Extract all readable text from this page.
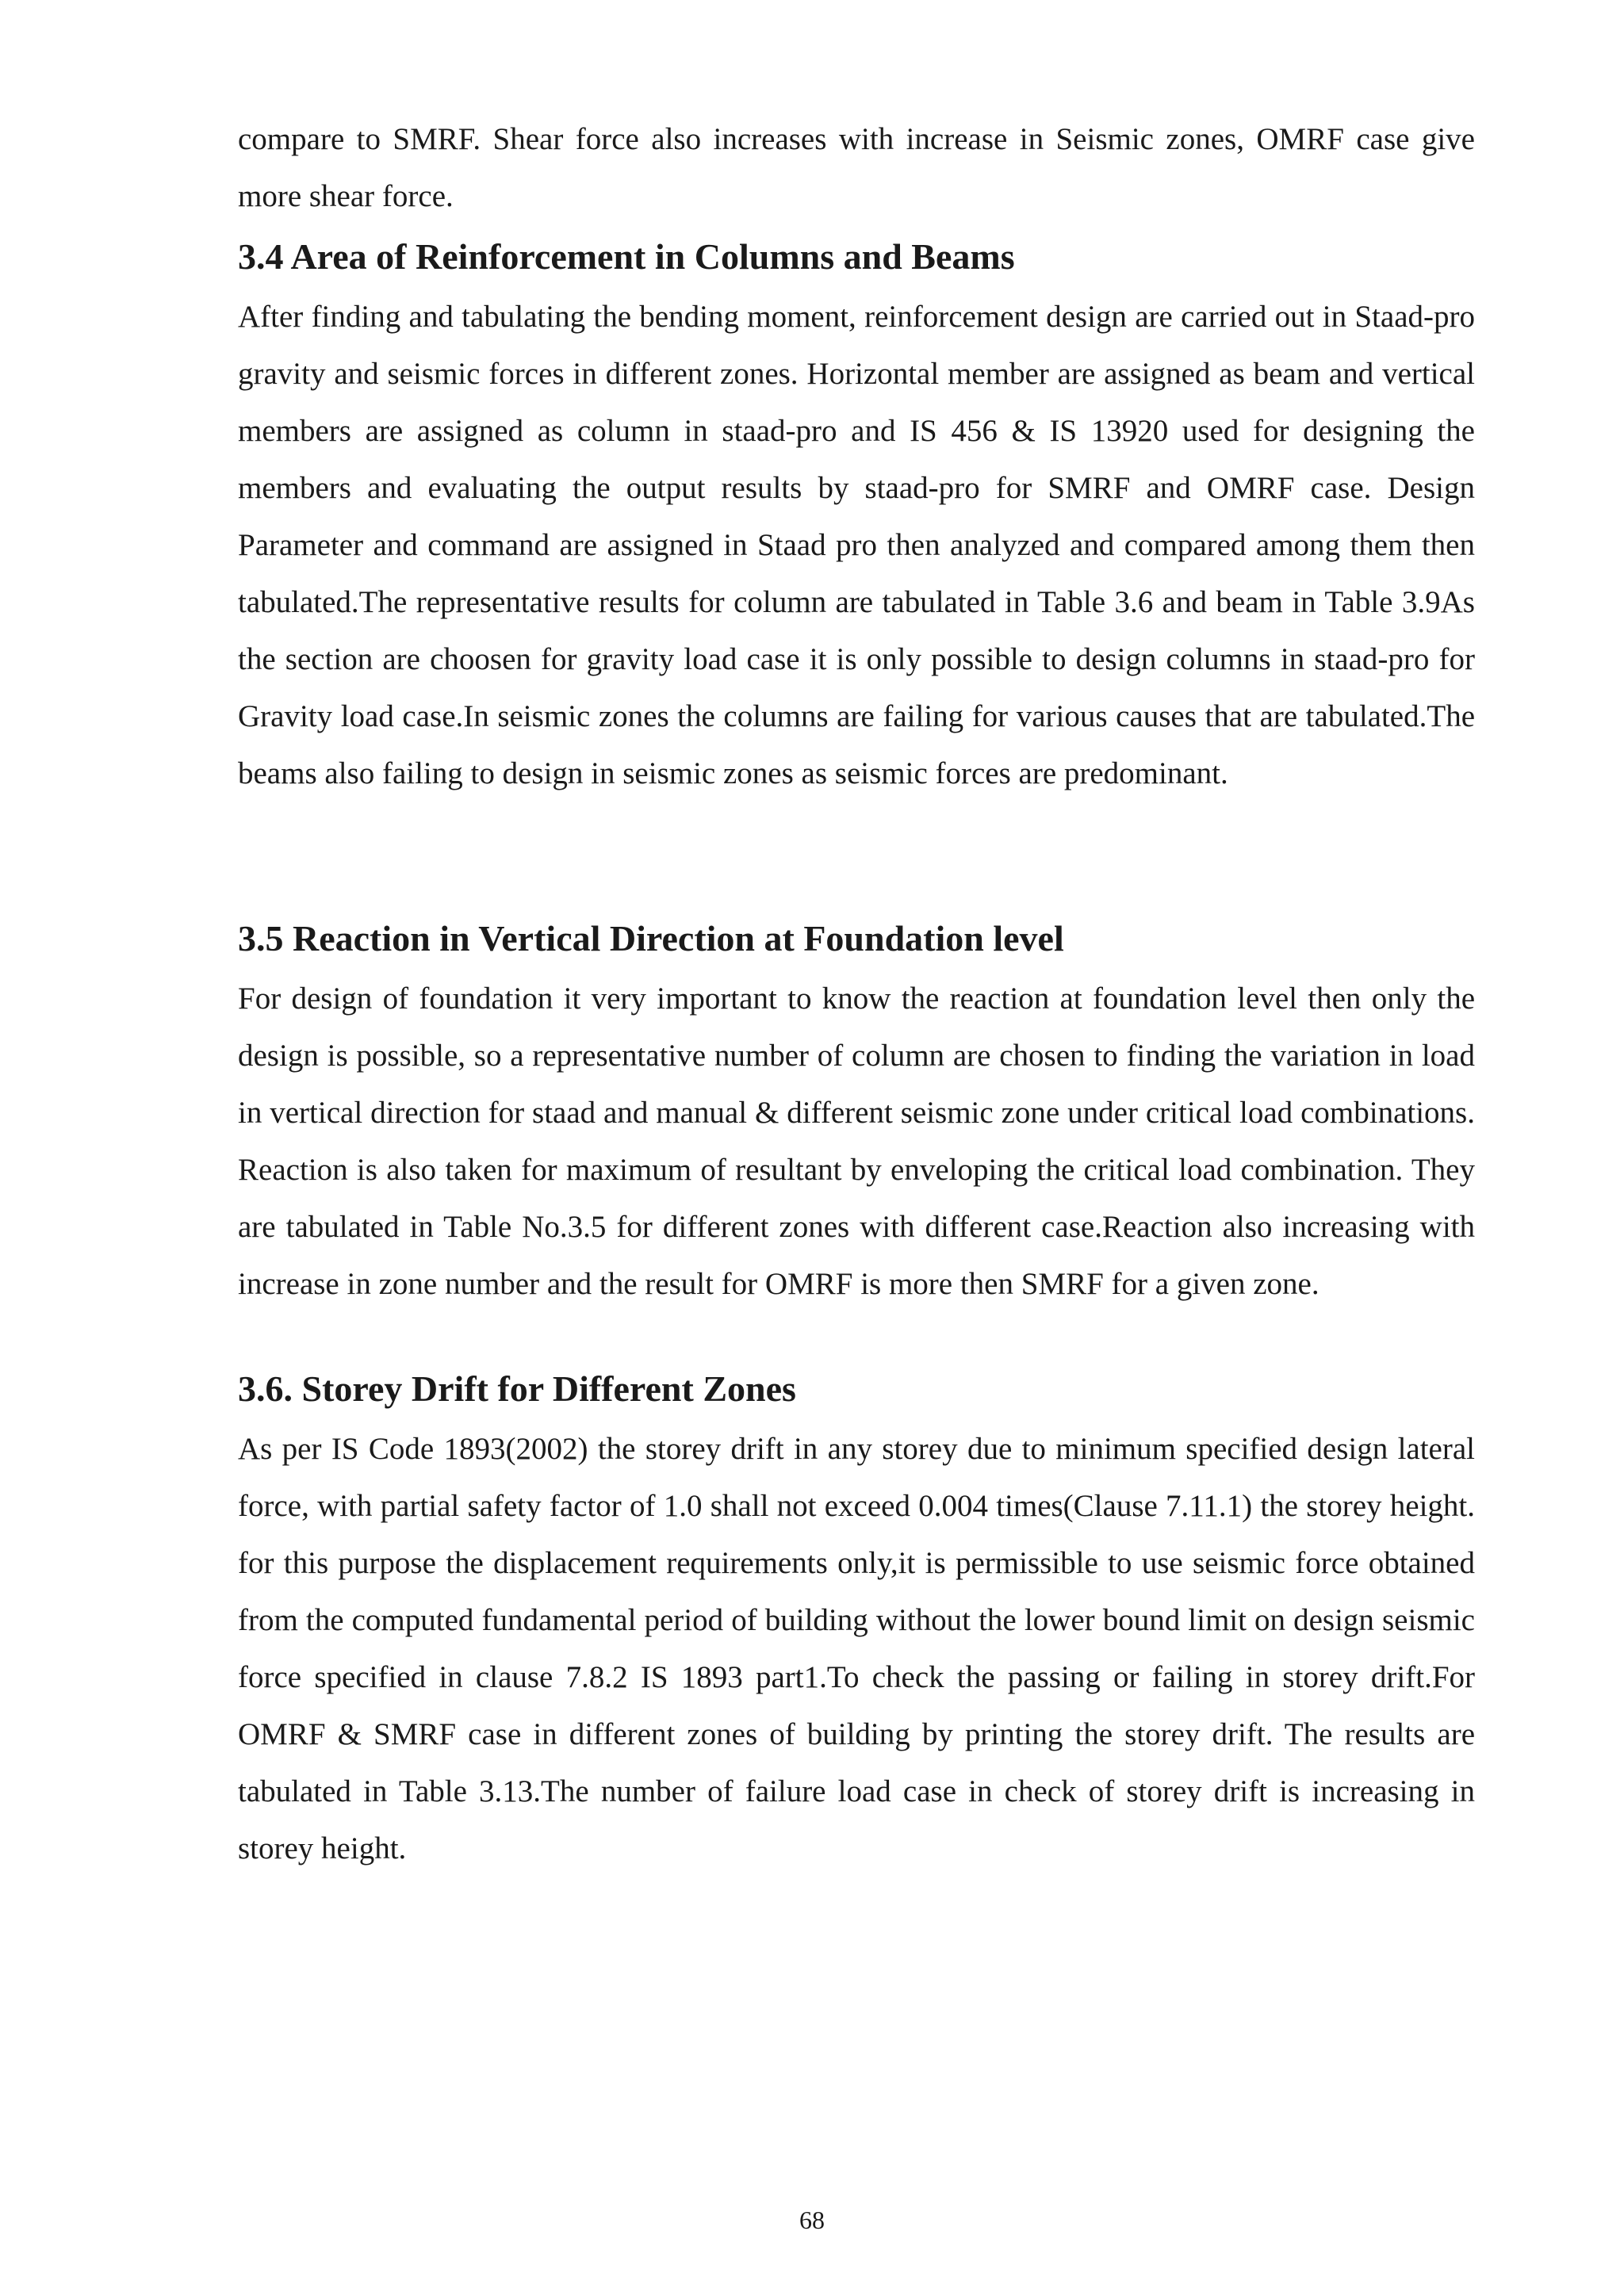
compare to SMRF. Shear force also increases with increase in Seismic zones, OMRF case give more shear force.

3.4 Area of Reinforcement in Columns and Beams

After finding and tabulating the bending moment, reinforcement design are carried out in Staad-pro gravity and seismic forces in different zones. Horizontal member are assigned as beam and vertical members are assigned as column in staad-pro and IS 456 & IS 13920 used for designing the members and evaluating the output results by staad-pro for SMRF and OMRF case. Design Parameter and command are assigned in Staad pro then analyzed and compared among them then tabulated.The representative results for column are tabulated in Table 3.6 and beam in Table 3.9As the section are choosen for gravity load case it is only possible to design columns in staad-pro for Gravity load case.In seismic zones the columns are failing for various causes that are tabulated.The beams also failing to design in seismic zones as seismic forces are predominant.

3.5 Reaction in Vertical Direction at Foundation level

For design of foundation it very important to know the reaction at foundation level then only the design is possible, so a representative number of column are chosen to finding the variation in load in vertical direction for staad and manual & different seismic zone under critical load combinations. Reaction is also taken for maximum of resultant by enveloping the critical load combination. They are tabulated in Table No.3.5 for different zones with different case.Reaction also increasing with increase in zone number and the result for OMRF is more then SMRF for a given zone.

3.6. Storey Drift for Different Zones

As per IS Code 1893(2002) the storey drift in any storey due to minimum specified design lateral force, with partial safety factor of 1.0 shall not exceed 0.004 times(Clause 7.11.1) the storey height. for this purpose the displacement requirements only,it is permissible to use seismic force obtained from the computed fundamental period of building without the lower bound limit on design seismic force specified in clause 7.8.2 IS 1893 part1.To check the passing or failing in storey drift.For OMRF & SMRF case in different zones of building by printing the storey drift. The results are tabulated in Table 3.13.The number of failure load case in check of storey drift is increasing in storey height.

68
